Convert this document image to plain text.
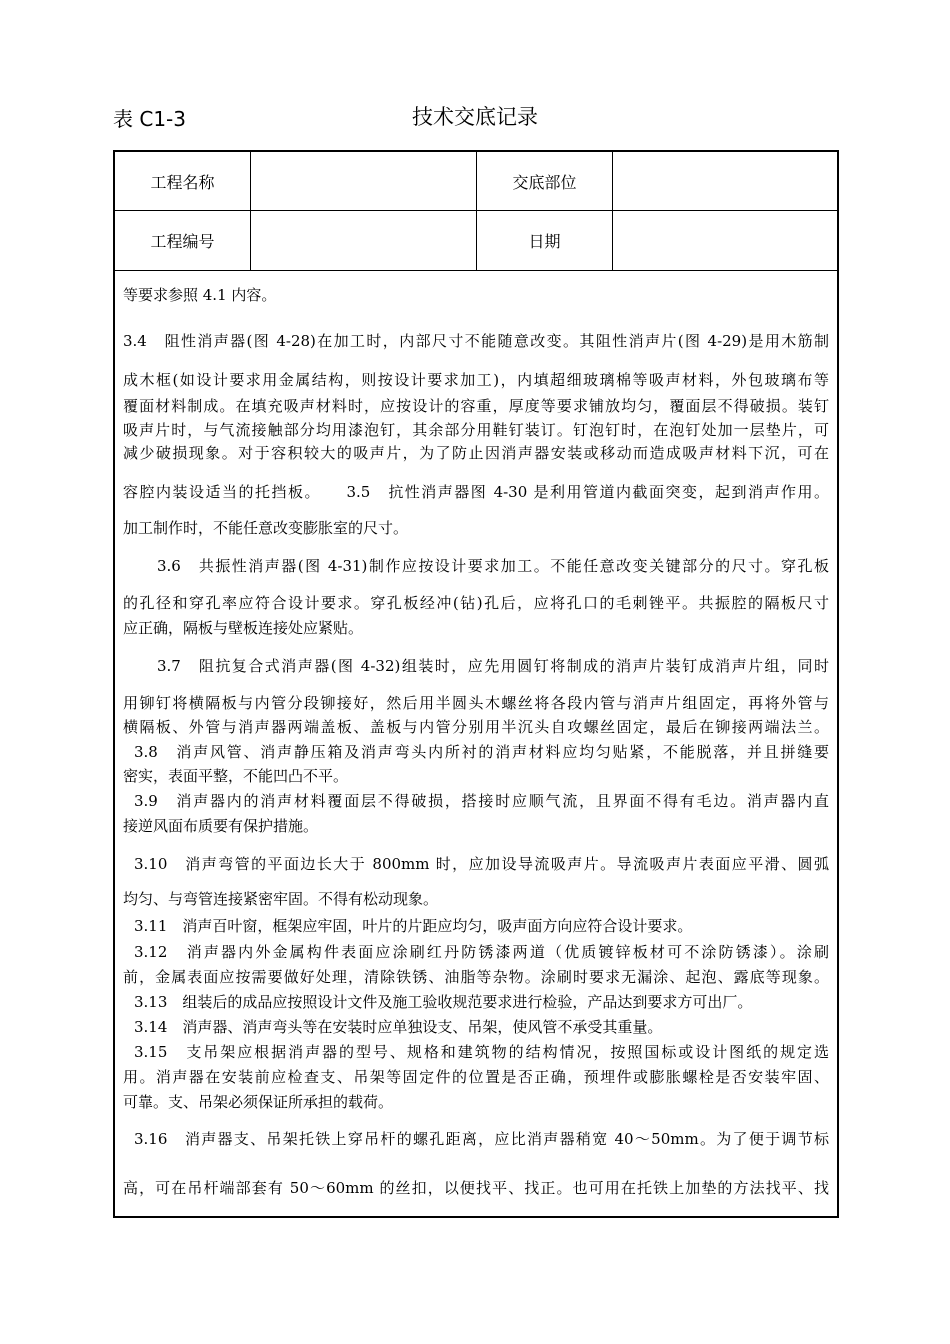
表 C1-3	技术交底记录
工程名称	交底部位
工程编号	日期
等要求参照 4.1 内容。
3.4　阻性消声器(图 4-28)在加工时，内部尺寸不能随意改变。其阻性消声片(图 4-29)是用木筋制
成木框(如设计要求用金属结构，则按设计要求加工)，内填超细玻璃棉等吸声材料，外包玻璃布等
覆面材料制成。在填充吸声材料时，应按设计的容重，厚度等要求铺放均匀，覆面层不得破损。装钉
吸声片时，与气流接触部分均用漆泡钉，其余部分用鞋钉装订。钉泡钉时，在泡钉处加一层垫片，可
减少破损现象。对于容积较大的吸声片，为了防止因消声器安装或移动而造成吸声材料下沉，可在
容腔内装设适当的托挡板。　　3.5　抗性消声器图 4-30 是利用管道内截面突变，起到消声作用。
加工制作时，不能任意改变膨胀室的尺寸。
3.6　共振性消声器(图 4-31)制作应按设计要求加工。不能任意改变关键部分的尺寸。穿孔板
的孔径和穿孔率应符合设计要求。穿孔板经冲(钻)孔后，应将孔口的毛刺锉平。共振腔的隔板尺寸
应正确，隔板与壁板连接处应紧贴。
3.7　阻抗复合式消声器(图 4-32)组装时，应先用圆钉将制成的消声片装钉成消声片组，同时
用铆钉将横隔板与内管分段铆接好，然后用半圆头木螺丝将各段内管与消声片组固定，再将外管与
横隔板、外管与消声器两端盖板、盖板与内管分别用半沉头自攻螺丝固定，最后在铆接两端法兰。
3.8　消声风管、消声静压箱及消声弯头内所衬的消声材料应均匀贴紧，不能脱落，并且拼缝要
密实，表面平整，不能凹凸不平。
3.9　消声器内的消声材料覆面层不得破损，搭接时应顺气流，且界面不得有毛边。消声器内直
接逆风面布质要有保护措施。
3.10　消声弯管的平面边长大于 800mm 时，应加设导流吸声片。导流吸声片表面应平滑、圆弧
均匀、与弯管连接紧密牢固。不得有松动现象。
3.11　消声百叶窗，框架应牢固，叶片的片距应均匀，吸声面方向应符合设计要求。
3.12　消声器内外金属构件表面应涂刷红丹防锈漆两道（优质镀锌板材可不涂防锈漆）。涂刷
前，金属表面应按需要做好处理，清除铁锈、油脂等杂物。涂刷时要求无漏涂、起泡、露底等现象。
3.13　组装后的成品应按照设计文件及施工验收规范要求进行检验，产品达到要求方可出厂。
3.14　消声器、消声弯头等在安装时应单独设支、吊架，使风管不承受其重量。
3.15　支吊架应根据消声器的型号、规格和建筑物的结构情况，按照国标或设计图纸的规定选
用。消声器在安装前应检查支、吊架等固定件的位置是否正确，预埋件或膨胀螺栓是否安装牢固、
可靠。支、吊架必须保证所承担的载荷。
3.16　消声器支、吊架托铁上穿吊杆的螺孔距离，应比消声器稍宽 40～50mm。为了便于调节标
高，可在吊杆端部套有 50～60mm 的丝扣，以便找平、找正。也可用在托铁上加垫的方法找平、找
